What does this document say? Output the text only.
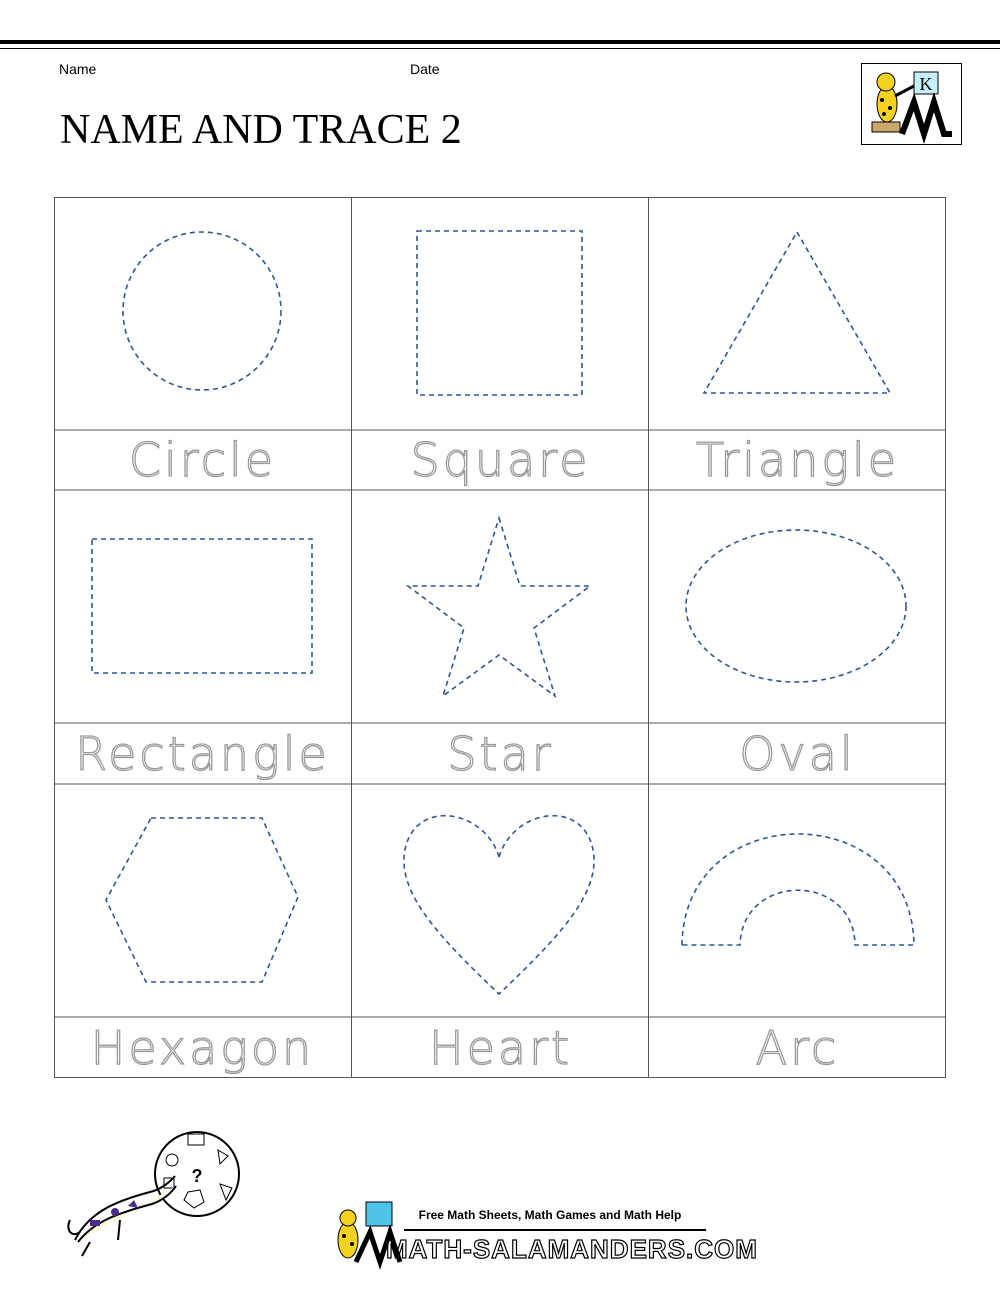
Name	Date
NAME AND TRACE 2
K
Circle	Square	Triangle
Rectangle	Star	Oval
Hexagon	Heart	Arc
?
Free Math Sheets, Math Games and Math Help
MATH-SALAMANDERS.COM
